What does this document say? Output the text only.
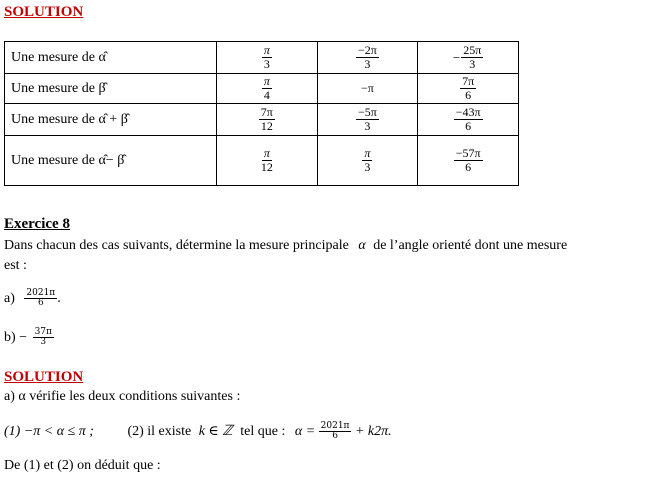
SOLUTION
Une mesure de α̂	$\frac{\pi}{3}$	$\frac{-2\pi}{3}$	− $\frac{25\pi}{3}$

Une mesure de β̂	$\frac{\pi}{4}$	−π	$\frac{7\pi}{6}$

Une mesure de α̂ + β̂	$\frac{7\pi}{12}$	$\frac{-5\pi}{3}$	$\frac{-43\pi}{6}$

Une mesure de α̂− β̂	$\frac{\pi}{12}$	$\frac{\pi}{3}$	$\frac{-57\pi}{6}$
Exercice 8
Dans chacun des cas suivants, détermine la mesure principale α de l’angle orienté dont une mesure
est :
$a) \frac{2021\pi}{6}$ .
$b) - \frac{37\pi}{3}$
SOLUTION
a) α vérifie les deux conditions suivantes :
(1) −π < α ≤ π ; (2) il existe k ∈ ℤ tel que : $\alpha = \frac{2021\pi}{6} + k2\pi$.
De (1) et (2) on déduit que :
